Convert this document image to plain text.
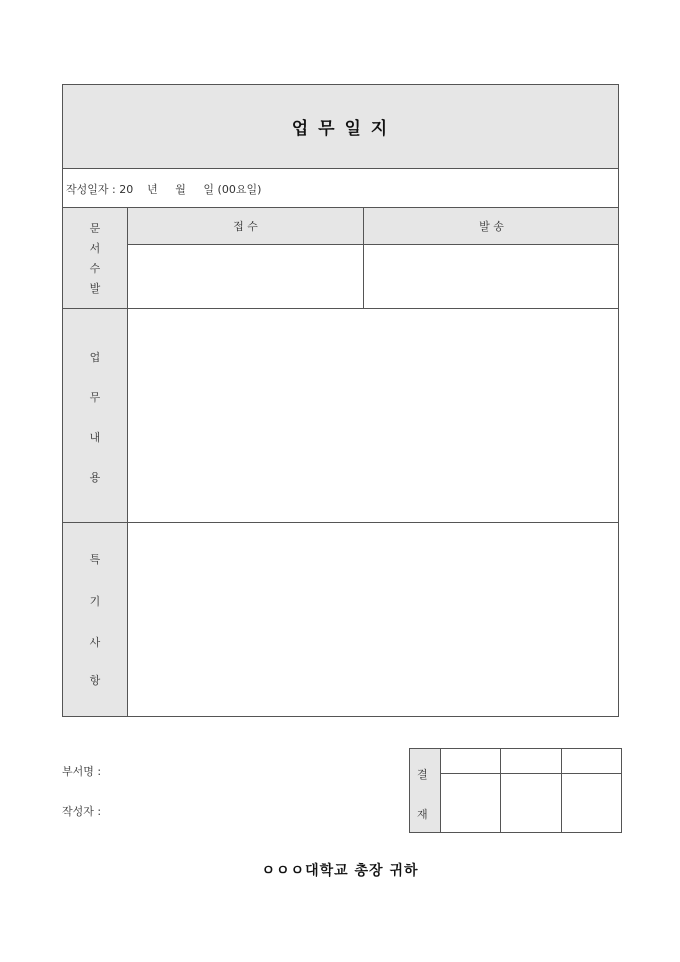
업 무 일 지
작성일자 : 20    년     월     일 (00요일)
문
서
수
발
접 수	발 송
업
무
내
용
특
기
사
항
부서명 :
작성자 :
결
재
ㅇㅇㅇ대학교 총장 귀하
